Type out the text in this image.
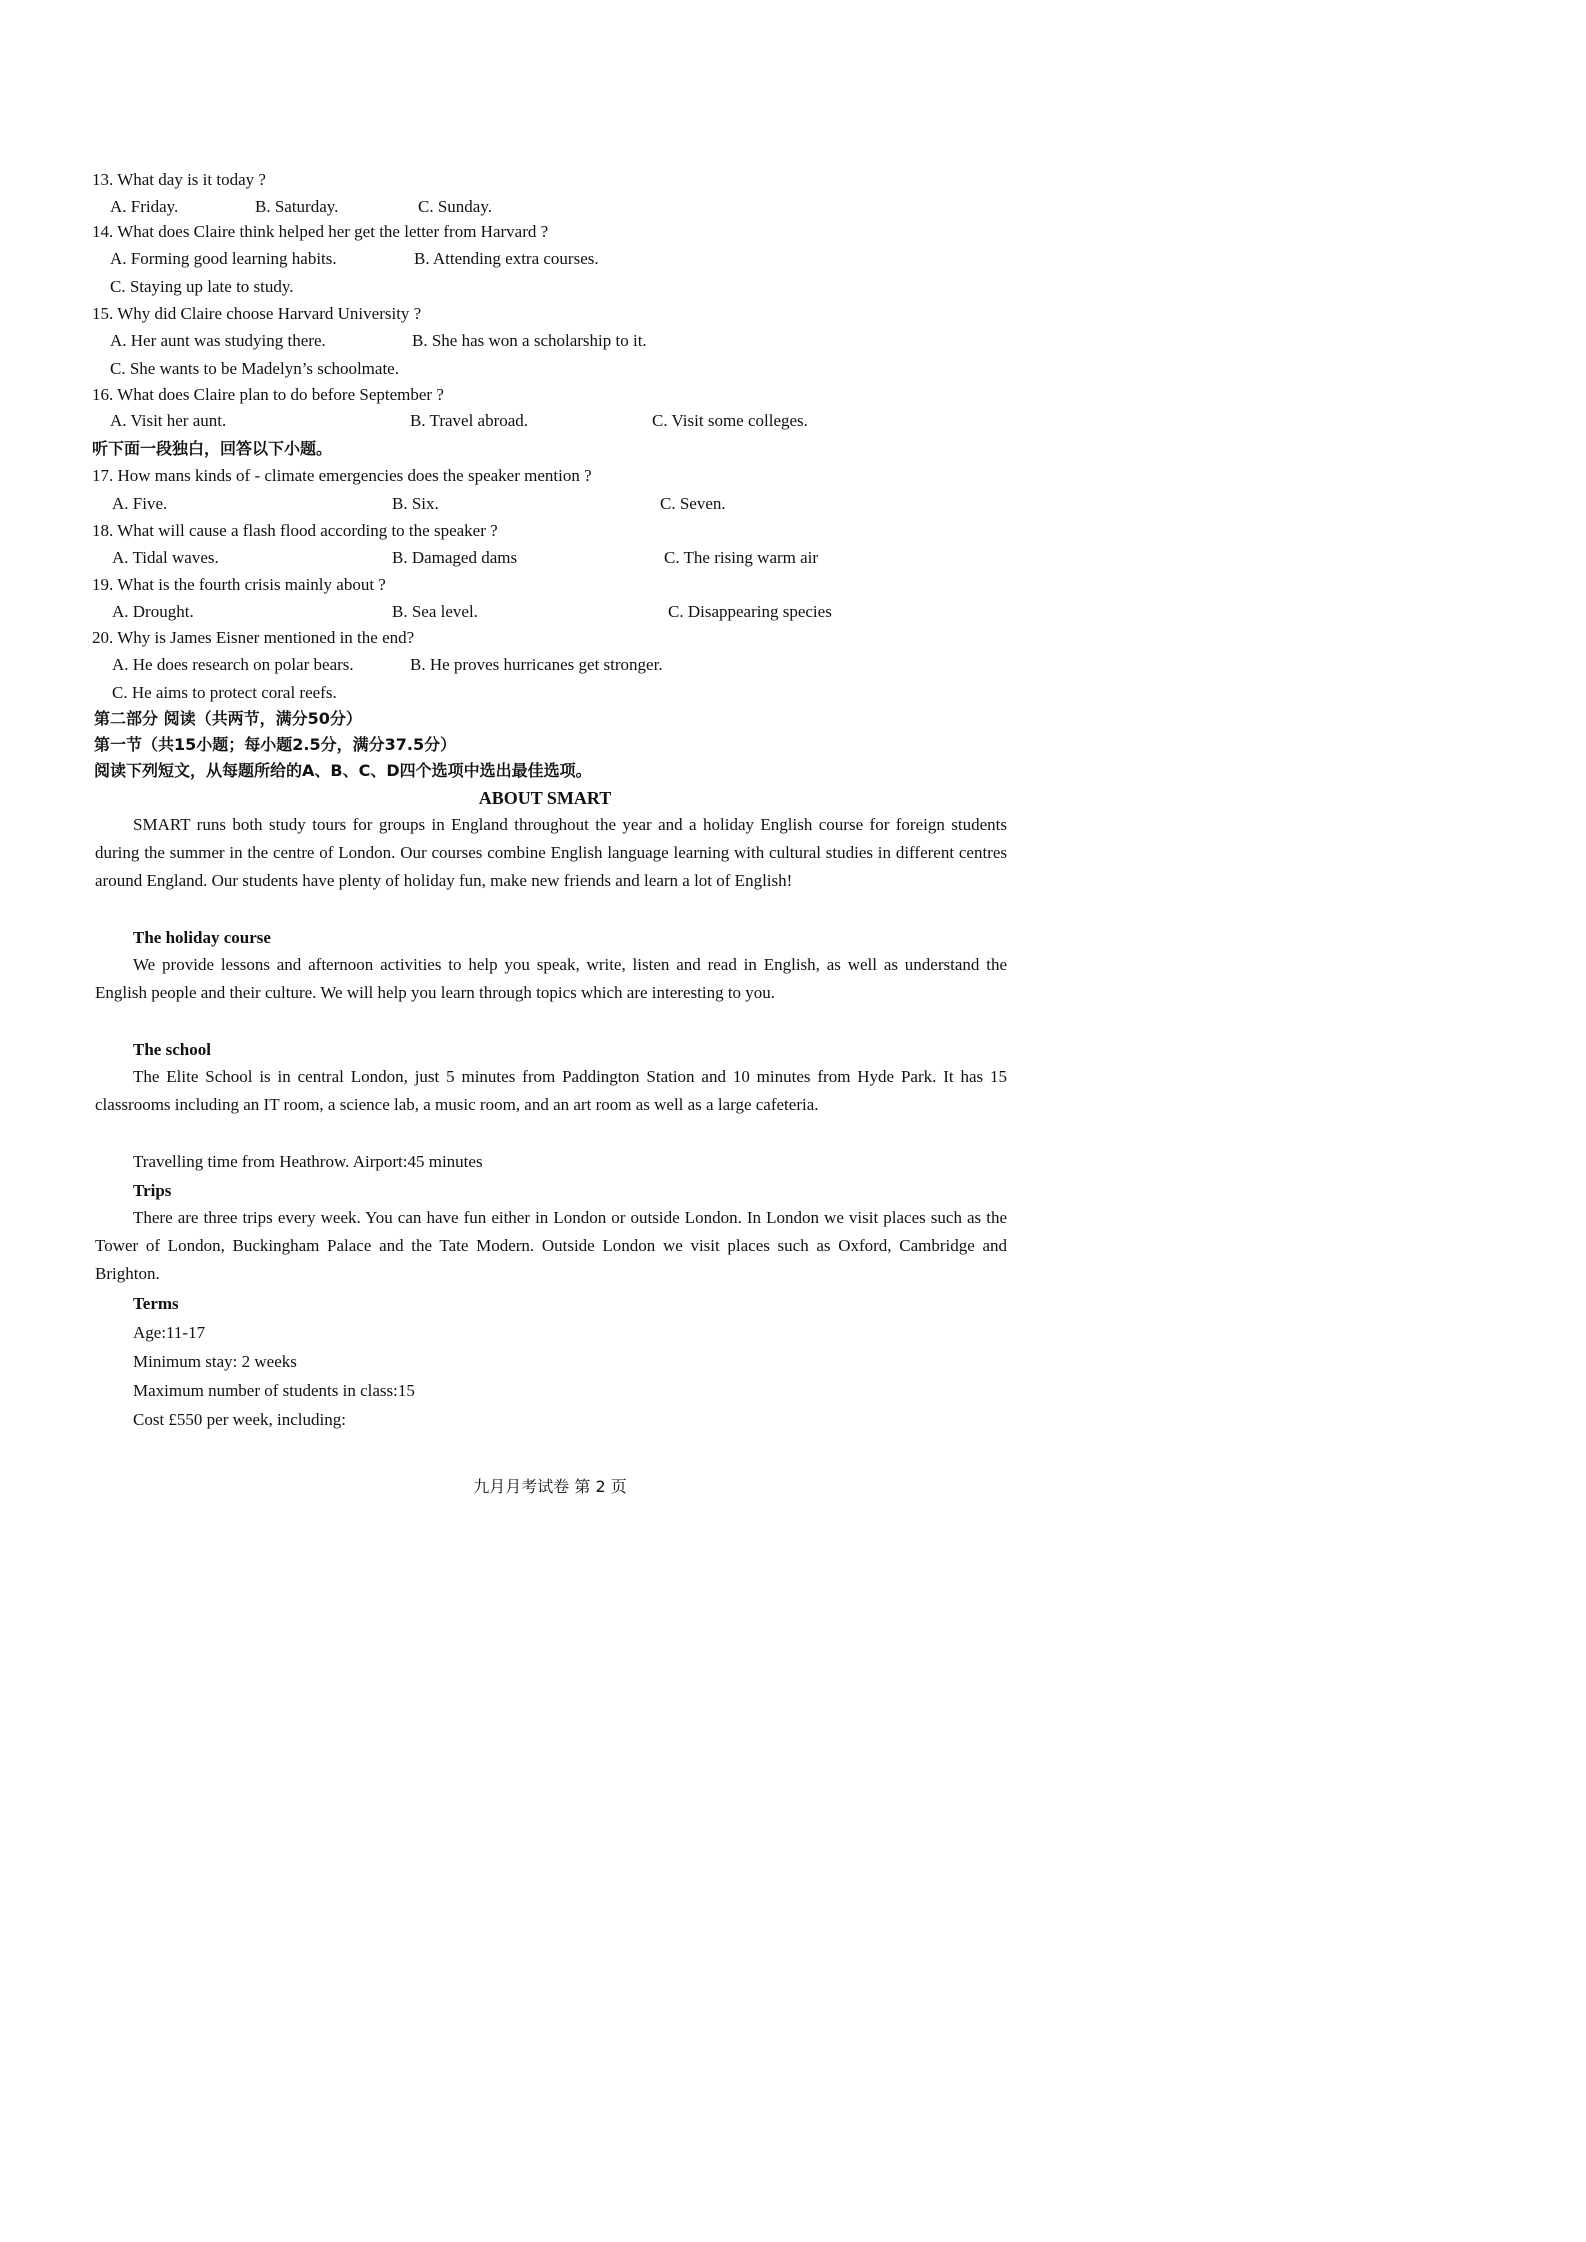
13. What day is it today ?
A. Friday.	B. Saturday.	C. Sunday.
14. What does Claire think helped her get the letter from Harvard ?
A. Forming good learning habits.	B. Attending extra courses.
C. Staying up late to study.
15. Why did Claire choose Harvard University ?
A. Her aunt was studying there.	B. She has won a scholarship to it.
C. She wants to be Madelyn’s schoolmate.
16. What does Claire plan to do before September ?
A. Visit her aunt.	B. Travel abroad.	C. Visit some colleges.
听下面一段独白，回答以下小题。
17. How mans kinds of - climate emergencies does the speaker mention ?
A. Five.	B. Six.	C. Seven.
18. What will cause a flash flood according to the speaker ?
A. Tidal waves.	B. Damaged dams	C. The rising warm air
19. What is the fourth crisis mainly about ?
A. Drought.	B. Sea level.	C. Disappearing species
20. Why is James Eisner mentioned in the end?
A. He does research on polar bears.	B. He proves hurricanes get stronger.
C. He aims to protect coral reefs.
第二部分 阅读（共两节，满分50分）
第一节（共15小题；每小题2.5分，满分37.5分）
阅读下列短文，从每题所给的A、B、C、D四个选项中选出最佳选项。
ABOUT SMART
SMART runs both study tours for groups in England throughout the year and a holiday English course for foreign students during the summer in the centre of London. Our courses combine English language learning with cultural studies in different centres around England. Our students have plenty of holiday fun, make new friends and learn a lot of English!
The holiday course
We provide lessons and afternoon activities to help you speak, write, listen and read in English, as well as understand the English people and their culture. We will help you learn through topics which are interesting to you.
The school
The Elite School is in central London, just 5 minutes from Paddington Station and 10 minutes from Hyde Park. It has 15 classrooms including an IT room, a science lab, a music room, and an art room as well as a large cafeteria.
Travelling time from Heathrow. Airport:45 minutes
Trips
There are three trips every week. You can have fun either in London or outside London. In London we visit places such as the Tower of London, Buckingham Palace and the Tate Modern. Outside London we visit places such as Oxford, Cambridge and Brighton.
Terms
Age:11-17
Minimum stay: 2 weeks
Maximum number of students in class:15
Cost £550 per week, including:
九月月考试卷 第 2 页
